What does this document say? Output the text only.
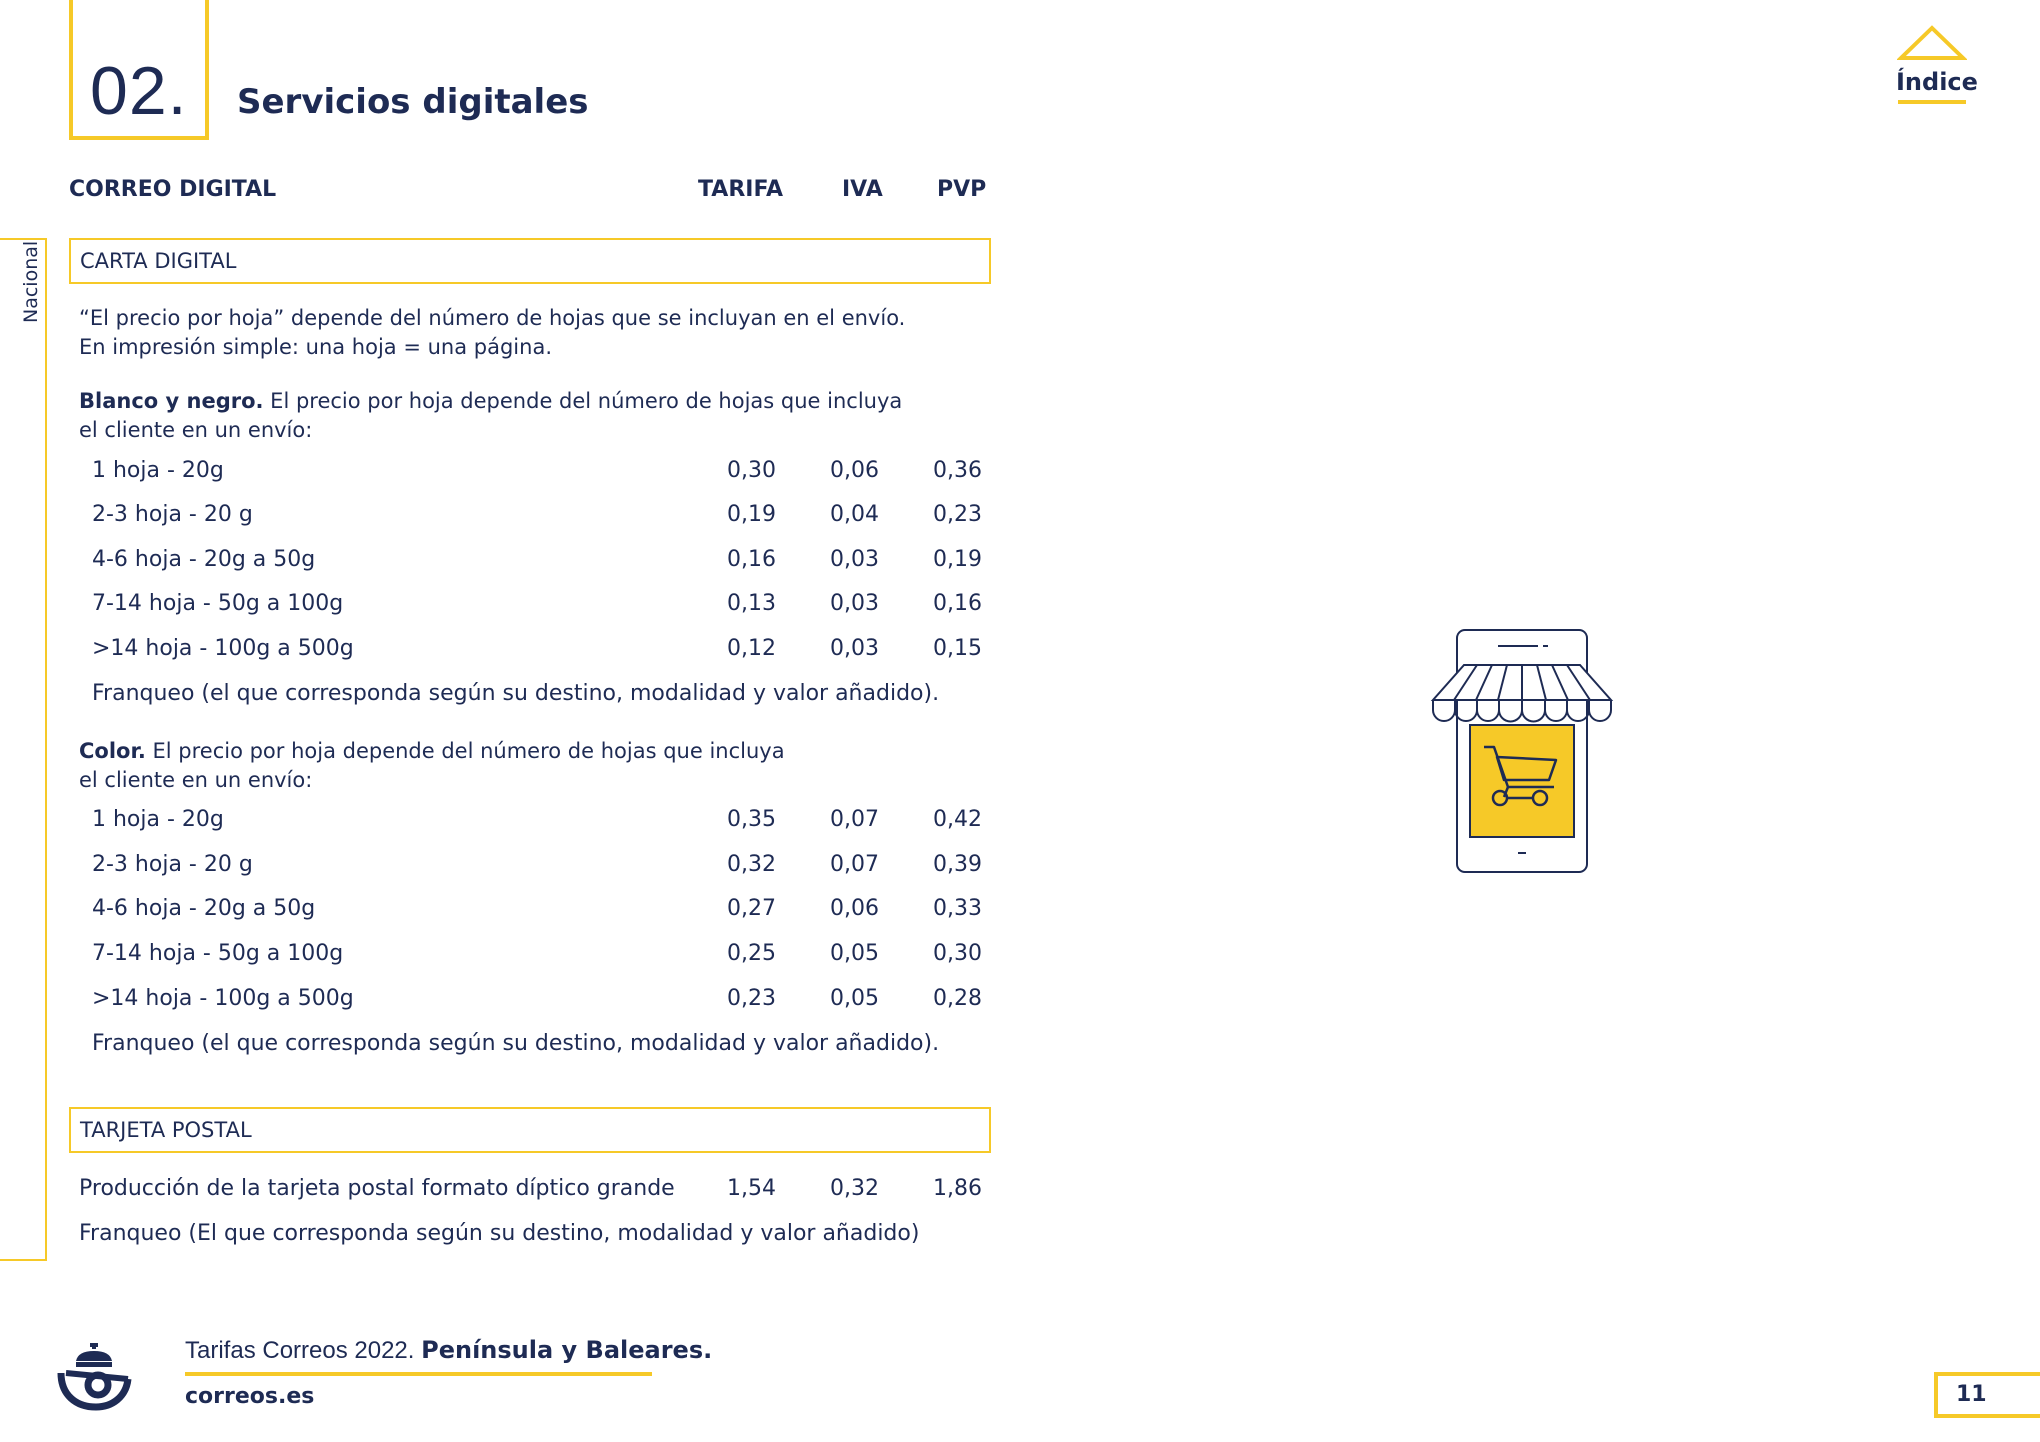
02. Servicios digitales	Índice
Nacional
CORREO DIGITAL	TARIFA	IVA PVP
CARTA DIGITAL
“El precio por hoja” depende del número de hojas que se incluyan en el envío.
En impresión simple: una hoja = una página.
Blanco y negro. El precio por hoja depende del número de hojas que incluya
el cliente en un envío:
1 hoja - 20g	0,30	0,06	0,36
2-3 hoja - 20 g	0,19	0,04	0,23
4-6 hoja - 20g a 50g	0,16	0,03	0,19
7-14 hoja - 50g a 100g	0,13	0,03	0,16
>14 hoja - 100g a 500g	0,12	0,03	0,15
Franqueo (el que corresponda según su destino, modalidad y valor añadido).
Color. El precio por hoja depende del número de hojas que incluya
el cliente en un envío:
1 hoja - 20g	0,35	0,07	0,42
2-3 hoja - 20 g	0,32	0,07	0,39
4-6 hoja - 20g a 50g	0,27	0,06	0,33
7-14 hoja - 50g a 100g	0,25	0,05	0,30
>14 hoja - 100g a 500g	0,23	0,05	0,28
Franqueo (el que corresponda según su destino, modalidad y valor añadido).
TARJETA POSTAL
Producción de la tarjeta postal formato díptico grande	1,54	0,32	1,86
Franqueo (El que corresponda según su destino, modalidad y valor añadido)
Tarifas Correos 2022. Península y Baleares.
correos.es	11
